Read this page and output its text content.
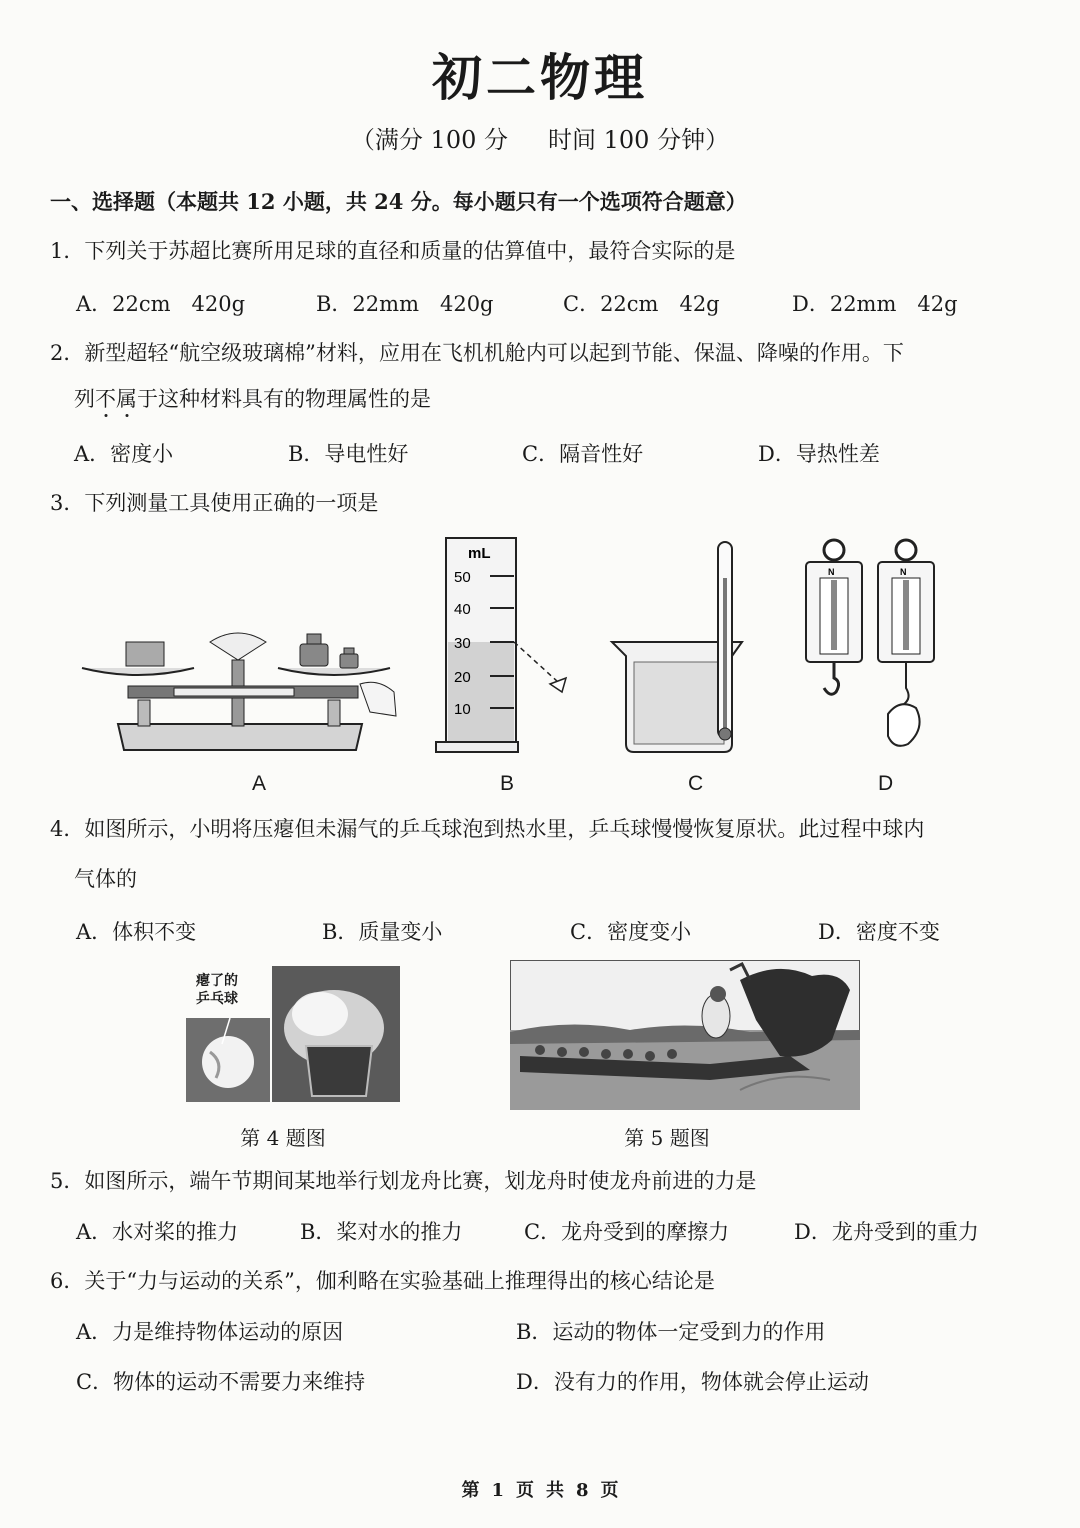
初二物理
（满分 100 分 时间 100 分钟）
一、选择题（本题共 12 小题，共 24 分。每小题只有一个选项符合题意）
1．下列关于苏超比赛所用足球的直径和质量的估算值中，最符合实际的是
A．22cm　420g	B．22mm　420g	C．22cm　42g	D．22mm　42g
2．新型超轻“航空级玻璃棉”材料，应用在飞机机舱内可以起到节能、保温、降噪的作用。下
列不属于这种材料具有的物理属性的是
A．密度小	B．导电性好	C．隔音性好	D．导热性差
3．下列测量工具使用正确的一项是
A
mL
50
40
30
20
10
B	C
N	N
D
4．如图所示，小明将压瘪但未漏气的乒乓球泡到热水里，乒乓球慢慢恢复原状。此过程中球内
气体的
A．体积不变	B．质量变小	C．密度变小	D．密度不变
瘪了的
乒乓球
第 4 题图	第 5 题图
5．如图所示，端午节期间某地举行划龙舟比赛，划龙舟时使龙舟前进的力是
A．水对桨的推力	B．桨对水的推力	C．龙舟受到的摩擦力	D．龙舟受到的重力
6．关于“力与运动的关系”，伽利略在实验基础上推理得出的核心结论是
A．力是维持物体运动的原因	B．运动的物体一定受到力的作用
C．物体的运动不需要力来维持	D．没有力的作用，物体就会停止运动
第 1 页 共 8 页
